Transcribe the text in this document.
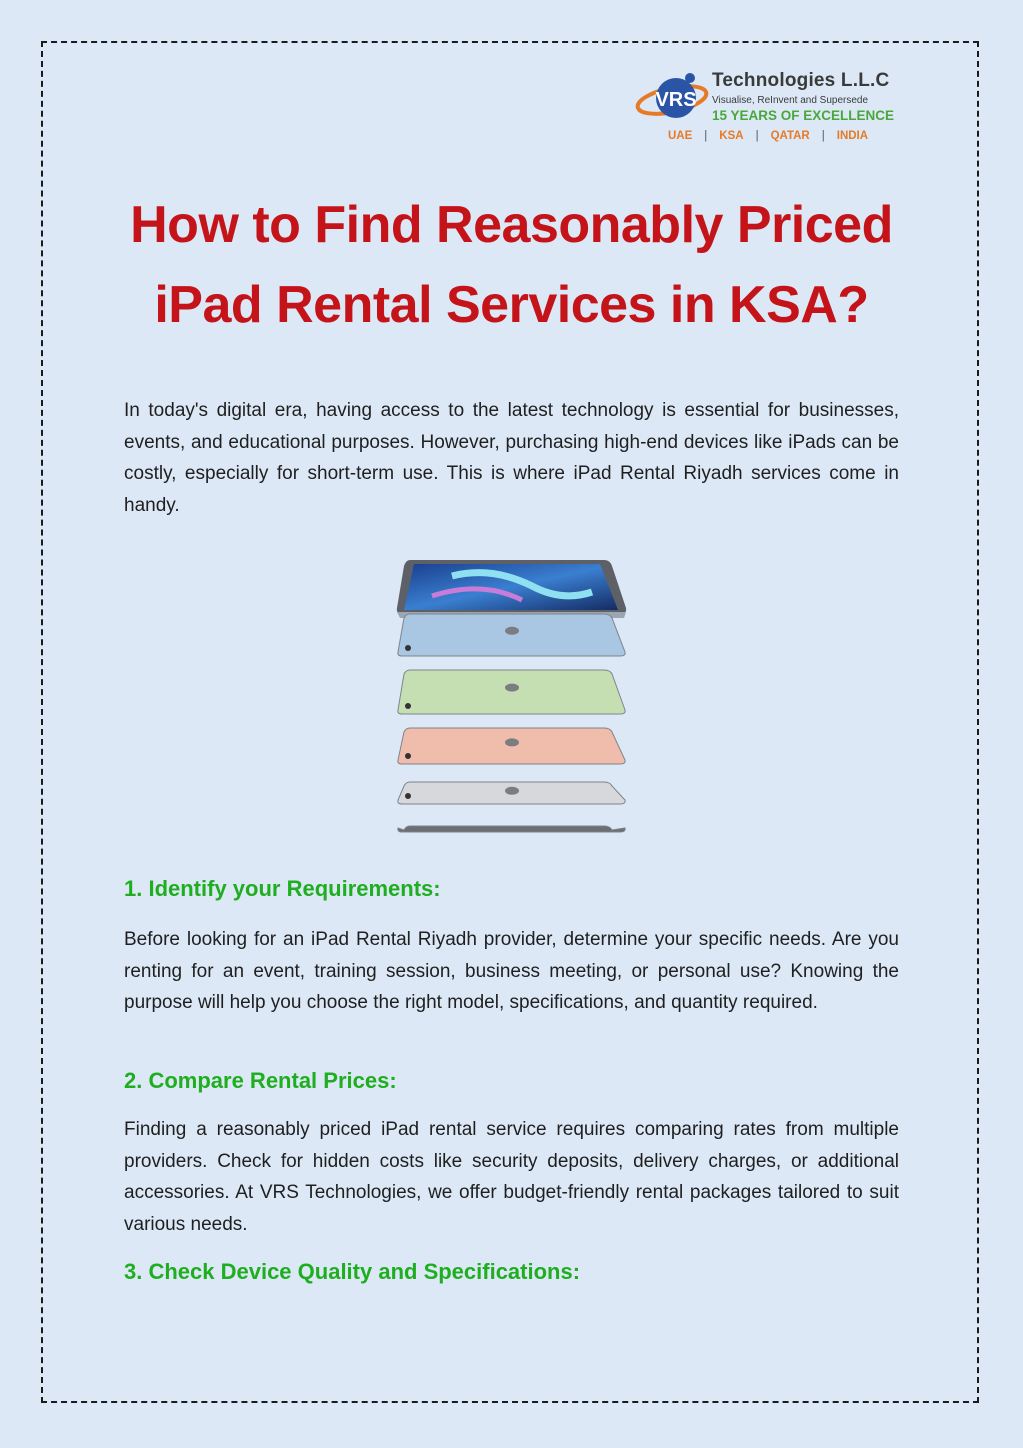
VRS
Technologies L.L.C
Visualise, ReInvent and Supersede
15 YEARS OF EXCELLENCE
UAE	|	KSA	|	QATAR	|	INDIA
How to Find Reasonably Priced
iPad Rental Services in KSA?

In today's digital era, having access to the latest technology is essential for businesses, events, and educational purposes. However, purchasing high-end devices like iPads can be costly, especially for short-term use. This is where iPad Rental Riyadh services come in handy.

1. Identify your Requirements:

Before looking for an iPad Rental Riyadh provider, determine your specific needs. Are you renting for an event, training session, business meeting, or personal use? Knowing the purpose will help you choose the right model, specifications, and quantity required.

2. Compare Rental Prices:

Finding a reasonably priced iPad rental service requires comparing rates from multiple providers. Check for hidden costs like security deposits, delivery charges, or additional accessories. At VRS Technologies, we offer budget-friendly rental packages tailored to suit various needs.

3. Check Device Quality and Specifications:
